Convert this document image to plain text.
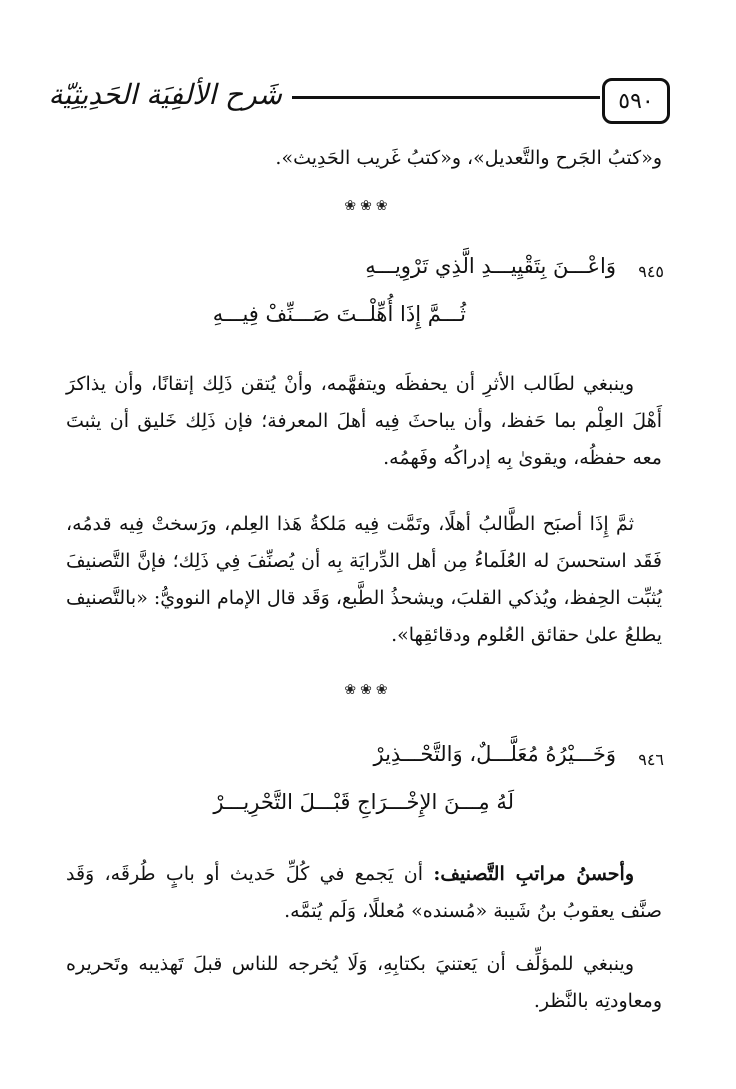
٥٩٠
شَرح الألفِيَة الحَدِيثِيّة
و«كتبُ الجَرح والتَّعديل»، و«كتبُ غَريب الحَدِيث».
❀❀❀
٩٤٥
وَاعْـــنَ بِتَقْيِيـــدِ الَّذِي تَرْوِيـــهِ
ثُـــمَّ إِذَا أُهِّلْــتَ صَـــنِّفْ فِيـــهِ
وينبغي لطَالب الأثرِ أن يحفظَه ويتفهَّمه، وأنْ يُتقن ذَلِك إتقانًا، وأن يذاكرَ أَهْلَ العِلْم بما حَفظ، وأن يباحثَ فِيه أهلَ المعرفة؛ فإن ذَلِك خَليق أن يثبتَ معه حفظُه، ويقوىٰ بِه إدراكُه وفَهمُه.
ثمَّ إِذَا أصبَح الطَّالبُ أهلًا، وتَمَّت فِيه مَلكةُ هَذا العِلم، ورَسختْ فِيه قدمُه، فَقَد استحسنَ له العُلَماءُ مِن أهل الدِّرايَة بِه أن يُصنِّفَ فِي ذَلِك؛ فإنَّ التَّصنيفَ يُثبِّت الحِفظ، ويُذكي القلبَ، ويشحذُ الطَّبع، وَقَد قال الإمام النوويُّ: «بالتَّصنيف يطلعُ علىٰ حقائق العُلوم ودقائقِها».
❀❀❀
٩٤٦
وَخَـــيْرُهُ مُعَلَّـــلٌ، وَالتَّحْـــذِيرْ
لَهُ مِـــنَ الإِخْـــرَاجِ قَبْـــلَ التَّحْرِيـــرْ
وأحسنُ مراتبِ التَّصنيف: أن يَجمع في كُلِّ حَديث أو بابٍ طُرقَه، وَقَد صنَّف يعقوبُ بنُ شَيبة «مُسنده» مُعللًا، وَلَم يُتمَّه.
وينبغي للمؤلِّف أن يَعتنيَ بكتابِهِ، وَلَا يُخرجه للناس قبلَ تَهذيبه وتَحريره ومعاودتِه بالنَّظر.
